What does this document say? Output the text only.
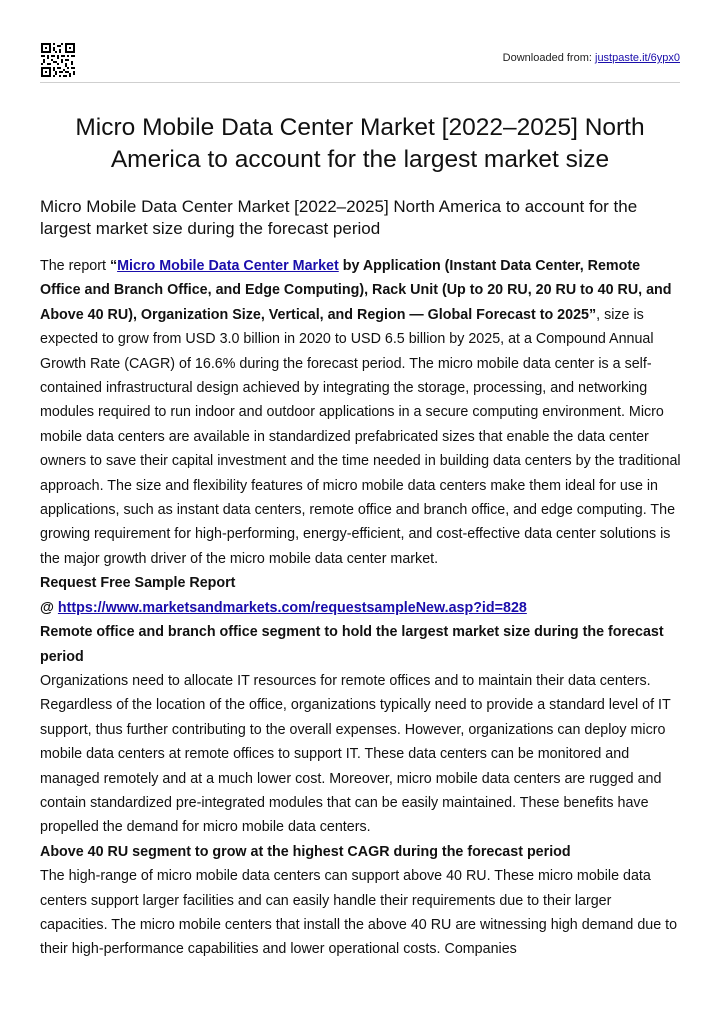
Downloaded from: justpaste.it/6ypx0
Micro Mobile Data Center Market [2022–2025] North America to account for the largest market size
Micro Mobile Data Center Market [2022–2025] North America to account for the largest market size during the forecast period

The report “Micro Mobile Data Center Market by Application (Instant Data Center, Remote Office and Branch Office, and Edge Computing), Rack Unit (Up to 20 RU, 20 RU to 40 RU, and Above 40 RU), Organization Size, Vertical, and Region — Global Forecast to 2025”, size is expected to grow from USD 3.0 billion in 2020 to USD 6.5 billion by 2025, at a Compound Annual Growth Rate (CAGR) of 16.6% during the forecast period. The micro mobile data center is a self-contained infrastructural design achieved by integrating the storage, processing, and networking modules required to run indoor and outdoor applications in a secure computing environment. Micro mobile data centers are available in standardized prefabricated sizes that enable the data center owners to save their capital investment and the time needed in building data centers by the traditional approach. The size and flexibility features of micro mobile data centers make them ideal for use in applications, such as instant data centers, remote office and branch office, and edge computing. The growing requirement for high-performing, energy-efficient, and cost-effective data center solutions is the major growth driver of the micro mobile data center market.

Request Free Sample Report

@ https://www.marketsandmarkets.com/requestsampleNew.asp?id=828

Remote office and branch office segment to hold the largest market size during the forecast period

Organizations need to allocate IT resources for remote offices and to maintain their data centers. Regardless of the location of the office, organizations typically need to provide a standard level of IT support, thus further contributing to the overall expenses. However, organizations can deploy micro mobile data centers at remote offices to support IT. These data centers can be monitored and managed remotely and at a much lower cost. Moreover, micro mobile data centers are rugged and contain standardized pre-integrated modules that can be easily maintained. These benefits have propelled the demand for micro mobile data centers.

Above 40 RU segment to grow at the highest CAGR during the forecast period

The high-range of micro mobile data centers can support above 40 RU. These micro mobile data centers support larger facilities and can easily handle their requirements due to their larger capacities. The micro mobile centers that install the above 40 RU are witnessing high demand due to their high-performance capabilities and lower operational costs. Companies
